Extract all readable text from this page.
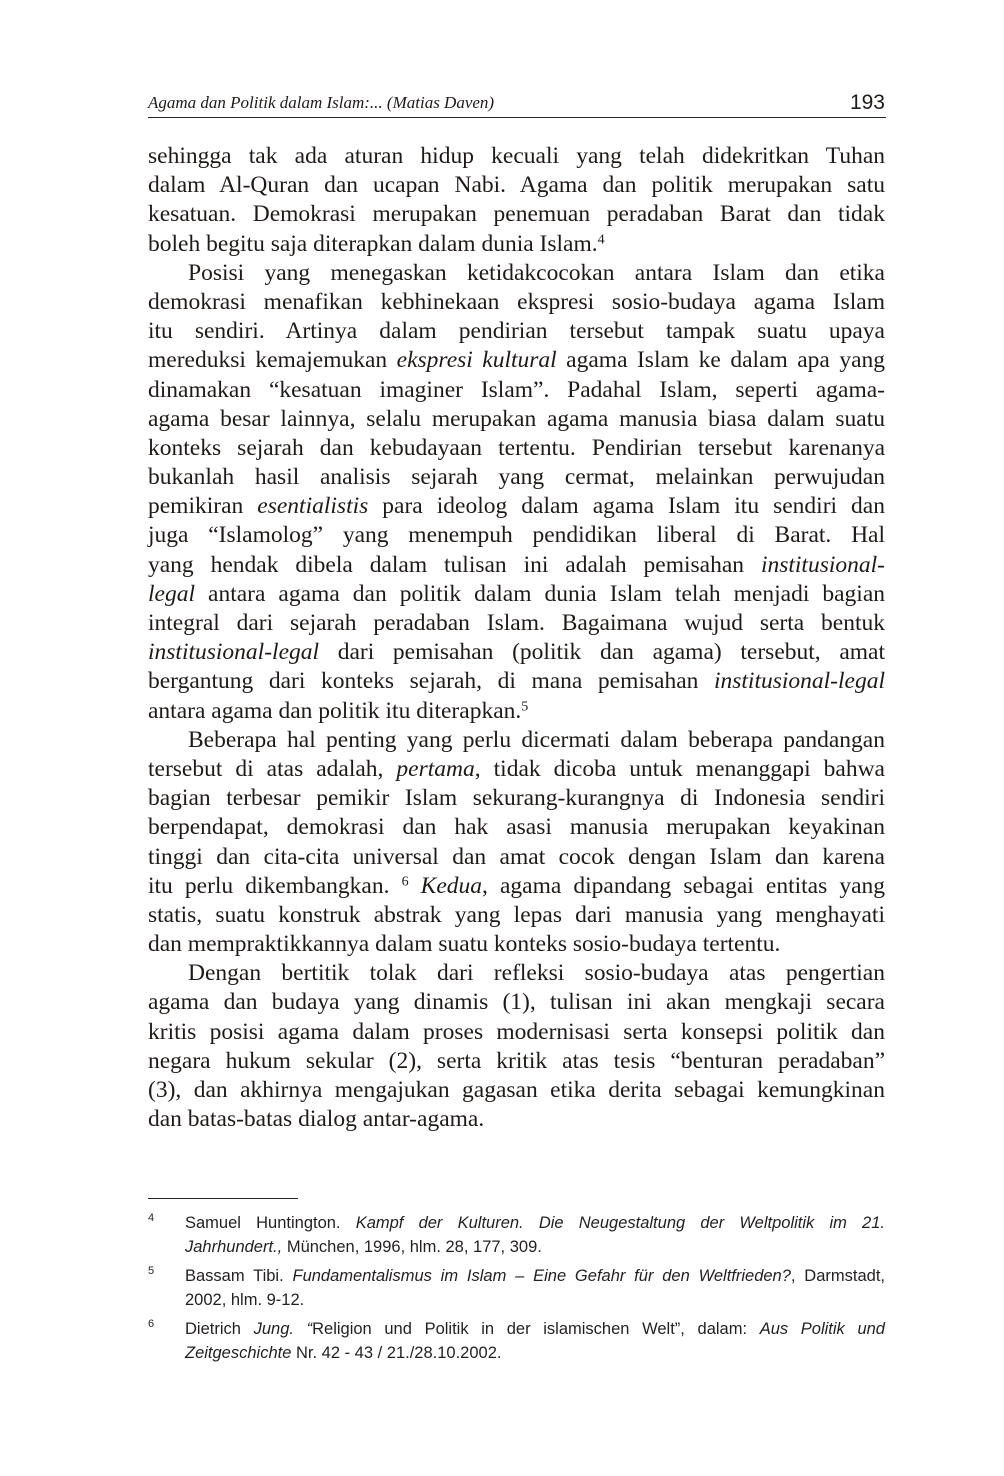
Agama dan Politik dalam Islam:... (Matias Daven)	193
sehingga tak ada aturan hidup kecuali yang telah didekritkan Tuhan
dalam Al-Quran dan ucapan Nabi. Agama dan politik merupakan satu
kesatuan. Demokrasi merupakan penemuan peradaban Barat dan tidak
boleh begitu saja diterapkan dalam dunia Islam.$^4$
Posisi yang menegaskan ketidakcocokan antara Islam dan etika
demokrasi menafikan kebhinekaan ekspresi sosio-budaya agama Islam
itu sendiri. Artinya dalam pendirian tersebut tampak suatu upaya
mereduksi kemajemukan ekspresi kultural agama Islam ke dalam apa yang
dinamakan “kesatuan imaginer Islam”. Padahal Islam, seperti agama-
agama besar lainnya, selalu merupakan agama manusia biasa dalam suatu
konteks sejarah dan kebudayaan tertentu. Pendirian tersebut karenanya
bukanlah hasil analisis sejarah yang cermat, melainkan perwujudan
pemikiran esentialistis para ideolog dalam agama Islam itu sendiri dan
juga “Islamolog” yang menempuh pendidikan liberal di Barat. Hal
yang hendak dibela dalam tulisan ini adalah pemisahan institusional-
legal antara agama dan politik dalam dunia Islam telah menjadi bagian
integral dari sejarah peradaban Islam. Bagaimana wujud serta bentuk
institusional-legal dari pemisahan (politik dan agama) tersebut, amat
bergantung dari konteks sejarah, di mana pemisahan institusional-legal
antara agama dan politik itu diterapkan.$^5$
Beberapa hal penting yang perlu dicermati dalam beberapa pandangan
tersebut di atas adalah, pertama, tidak dicoba untuk menanggapi bahwa
bagian terbesar pemikir Islam sekurang-kurangnya di Indonesia sendiri
berpendapat, demokrasi dan hak asasi manusia merupakan keyakinan
tinggi dan cita-cita universal dan amat cocok dengan Islam dan karena
itu perlu dikembangkan. $^6$ Kedua, agama dipandang sebagai entitas yang
statis, suatu konstruk abstrak yang lepas dari manusia yang menghayati
dan mempraktikkannya dalam suatu konteks sosio-budaya tertentu.
Dengan bertitik tolak dari refleksi sosio-budaya atas pengertian
agama dan budaya yang dinamis (1), tulisan ini akan mengkaji secara
kritis posisi agama dalam proses modernisasi serta konsepsi politik dan
negara hukum sekular (2), serta kritik atas tesis “benturan peradaban”
(3), dan akhirnya mengajukan gagasan etika derita sebagai kemungkinan
dan batas-batas dialog antar-agama.
4 Samuel Huntington. Kampf der Kulturen. Die Neugestaltung der Weltpolitik im 21.
Jahrhundert., München, 1996, hlm. 28, 177, 309.
5 Bassam Tibi. Fundamentalismus im Islam – Eine Gefahr für den Weltfrieden?, Darmstadt,
2002, hlm. 9-12.
6 Dietrich Jung. “Religion und Politik in der islamischen Welt”, dalam: Aus Politik und
Zeitgeschichte Nr. 42 - 43 / 21./28.10.2002.
